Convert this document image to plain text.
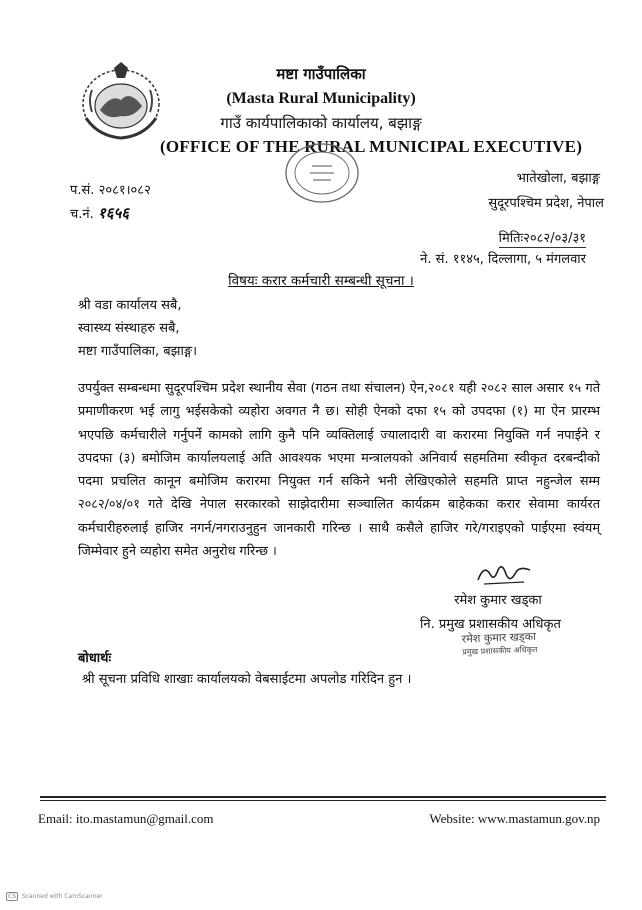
मष्टा गाउँपालिका
(Masta Rural Municipality)
गाउँ कार्यपालिकाको कार्यालय, बझाङ्ग
(OFFICE OF THE RURAL MUNICIPAL EXECUTIVE)
प.सं. २०८१।०८२
च.नं. १६५६
भातेखोला, बझाङ्ग
सुदूरपश्चिम प्रदेश, नेपाल
मितिः२०८२/०३/३१
ने. सं. ११४५, दिल्लागा, ५ मंगलवार
विषयः करार कर्मचारी सम्बन्धी सूचना ।
श्री वडा कार्यालय सबै,
स्वास्थ्य संस्थाहरु सबै,
मष्टा गाउँपालिका, बझाङ्ग।
उपर्युक्त सम्बन्धमा सुदूरपश्चिम प्रदेश स्थानीय सेवा (गठन तथा संचालन) ऐन,२०८१ यही २०८२ साल असार १५ गते प्रमाणीकरण भई लागु भईसकेको व्यहोरा अवगत नै छ। सोही ऐनको दफा १५ को उपदफा (१) मा ऐन प्रारम्भ भएपछि कर्मचारीले गर्नुपर्ने कामको लागि कुनै पनि व्यक्तिलाई ज्यालादारी वा करारमा नियुक्ति गर्न नपाईने र उपदफा (३) बमोजिम कार्यालयलाई अति आवश्यक भएमा मन्त्रालयको अनिवार्य सहमतिमा स्वीकृत दरबन्दीको पदमा प्रचलित कानून बमोजिम करारमा नियुक्त गर्न सकिने भनी लेखिएकोले सहमति प्राप्त नहुन्जेल सम्म २०८२/०४/०१ गते देखि नेपाल सरकारको साझेदारीमा सञ्चालित कार्यक्रम बाहेकका करार सेवामा कार्यरत कर्मचारीहरुलाई हाजिर नगर्न/नगराउनुहुन जानकारी गरिन्छ । साथै कसैले हाजिर गरे/गराइएको पाईएमा स्वंयम् जिम्मेवार हुने व्यहोरा समेत अनुरोध गरिन्छ ।
रमेश कुमार खड्का
नि. प्रमुख प्रशासकीय अधिकृत
रमेश कुमार खड्का
प्रमुख प्रशासकीय अधिकृत
बोधार्थः
श्री सूचना प्रविधि शाखाः कार्यालयको वेबसाईटमा अपलोड गरिदिन हुन ।
Email: ito.mastamun@gmail.com	Website: www.mastamun.gov.np
CS Scanned with CamScanner
